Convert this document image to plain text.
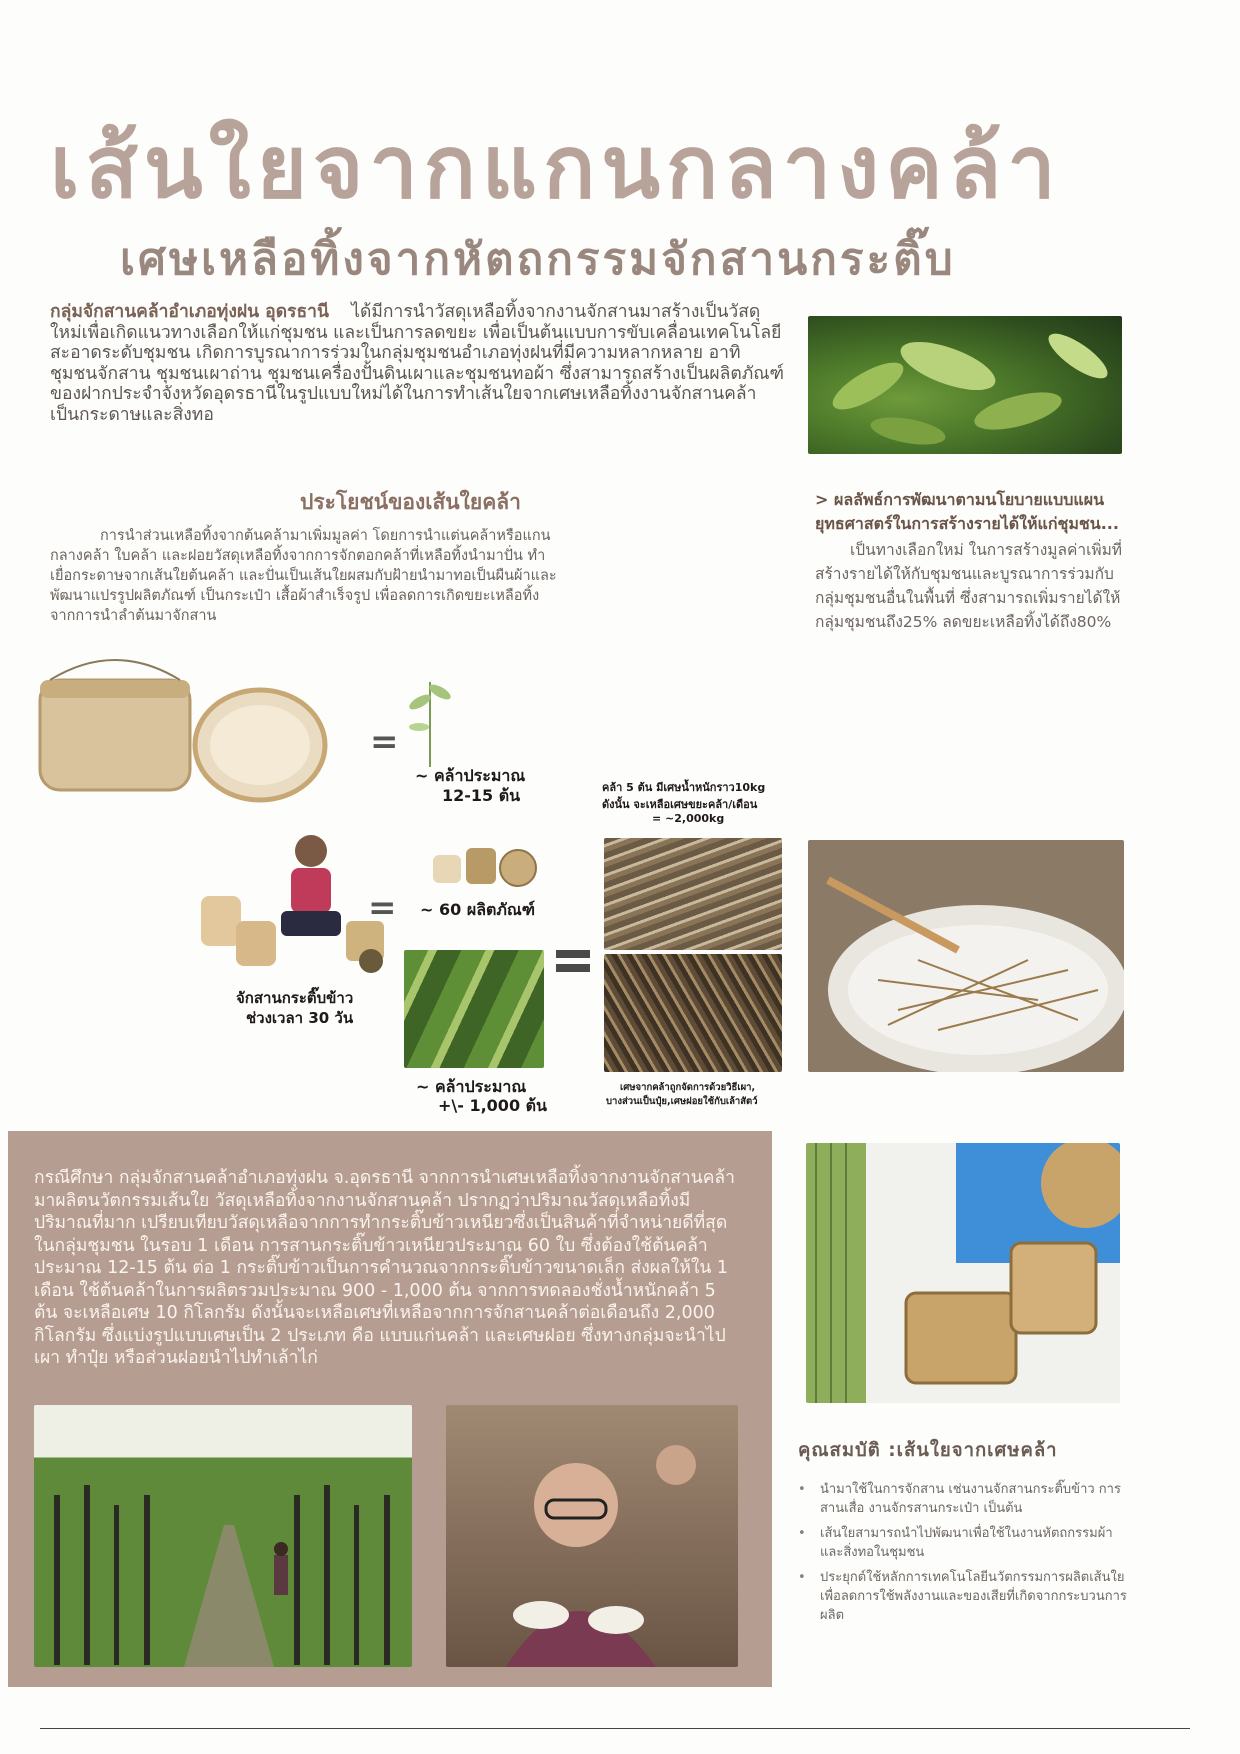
เส้นใยจากแกนกลางคล้า
เศษเหลือทิ้งจากหัตถกรรมจักสานกระติ๊บ
กลุ่มจักสานคล้าอำเภอทุ่งฝน อุดรธานี ได้มีการนำวัสดุเหลือทิ้งจากงานจักสานมาสร้างเป็นวัสดุใหม่เพื่อเกิดแนวทางเลือกให้แก่ชุมชน และเป็นการลดขยะ เพื่อเป็นต้นแบบการขับเคลื่อนเทคโนโลยีสะอาดระดับชุมชน เกิดการบูรณาการร่วมในกลุ่มชุมชนอำเภอทุ่งฝนที่มีความหลากหลาย อาทิ ชุมชนจักสาน ชุมชนเผาถ่าน ชุมชนเครื่องปั้นดินเผาและชุมชนทอผ้า ซึ่งสามารถสร้างเป็นผลิตภัณฑ์ของฝากประจำจังหวัดอุดรธานีในรูปแบบใหม่ได้ในการทำเส้นใยจากเศษเหลือทิ้งงานจักสานคล้าเป็นกระดาษและสิ่งทอ
ประโยชน์ของเส้นใยคล้า
การนำส่วนเหลือทิ้งจากต้นคล้ามาเพิ่มมูลค่า โดยการนำแต่นคล้าหรือแกนกลางคล้า ใบคล้า และฝอยวัสดุเหลือทิ้งจากการจักตอกคล้าที่เหลือทิ้งนำมาปั่น ทำเยื่อกระดาษจากเส้นใยต้นคล้า และปั่นเป็นเส้นใยผสมกับฝ้ายนำมาทอเป็นผืนผ้าและพัฒนาแปรรูปผลิตภัณฑ์ เป็นกระเป๋า เสื้อผ้าสำเร็จรูป เพื่อลดการเกิดขยะเหลือทิ้งจากการนำลำต้นมาจักสาน
> ผลลัพธ์การพัฒนาตามนโยบายแบบแผนยุทธศาสตร์ในการสร้างรายได้ให้แก่ชุมชน...
เป็นทางเลือกใหม่ ในการสร้างมูลค่าเพิ่มที่สร้างรายได้ให้กับชุมชนและบูรณาการร่วมกับกลุ่มชุมชนอื่นในพื้นที่ ซึ่งสามารถเพิ่มรายได้ให้กลุ่มชุมชนถึง25% ลดขยะเหลือทิ้งได้ถึง80%
=
~ คล้าประมาณ
12-15 ต้น	คล้า 5 ต้น มีเศษน้ำหนักราว10kg
ดังนั้น จะเหลือเศษขยะคล้า/เดือน
= ~2,000kg
= ~ 60 ผลิตภัณฑ์
~ คล้าประมาณ
+\- 1,000 ต้น
จักสานกระติ๊บข้าว
ช่วงเวลา 30 วัน
เศษจากคล้าถูกจัดการด้วยวิธีเผา,
บางส่วนเป็นปุ๋ย,เศษฝอยใช้กับเล้าสัตว์
กรณีศึกษา กลุ่มจักสานคล้าอำเภอทุ่งฝน จ.อุดรธานี จากการนำเศษเหลือทิ้งจากงานจักสานคล้ามาผลิตนวัตกรรมเส้นใย วัสดุเหลือทิ้งจากงานจักสานคล้า ปรากฏว่าปริมาณวัสดุเหลือทิ้งมีปริมาณที่มาก เปรียบเทียบวัสดุเหลือจากการทำกระติ๊บข้าวเหนียวซึ่งเป็นสินค้าที่จำหน่ายดีที่สุดในกลุ่มชุมชน ในรอบ 1 เดือน การสานกระติ๊บข้าวเหนียวประมาณ 60 ใบ ซึ่งต้องใช้ต้นคล้าประมาณ 12-15 ต้น ต่อ 1 กระติ๊บข้าวเป็นการคำนวณจากกระติ๊บข้าวขนาดเล็ก ส่งผลให้ใน 1 เดือน ใช้ต้นคล้าในการผลิตรวมประมาณ 900 - 1,000 ต้น จากการทดลองชั่งน้ำหนักคล้า 5 ต้น จะเหลือเศษ 10 กิโลกรัม ดังนั้นจะเหลือเศษที่เหลือจากการจักสานคล้าต่อเดือนถึง 2,000 กิโลกรัม ซึ่งแบ่งรูปแบบเศษเป็น 2 ประเภท คือ แบบแก่นคล้า และเศษฝอย ซึ่งทางกลุ่มจะนำไปเผา ทำปุ๋ย หรือส่วนฝอยนำไปทำเล้าไก่
คุณสมบัติ :เส้นใยจากเศษคล้า
• นำมาใช้ในการจักสาน เช่นงานจักสานกระติ๊บข้าว การสานเสื่อ งานจักรสานกระเป๋า เป็นต้น
• เส้นใยสามารถนำไปพัฒนาเพื่อใช้ในงานหัตถกรรมผ้าและสิ่งทอในชุมชน
• ประยุกต์ใช้หลักการเทคโนโลยีนวัตกรรมการผลิตเส้นใย เพื่อลดการใช้พลังงานและของเสียที่เกิดจากกระบวนการผลิต
